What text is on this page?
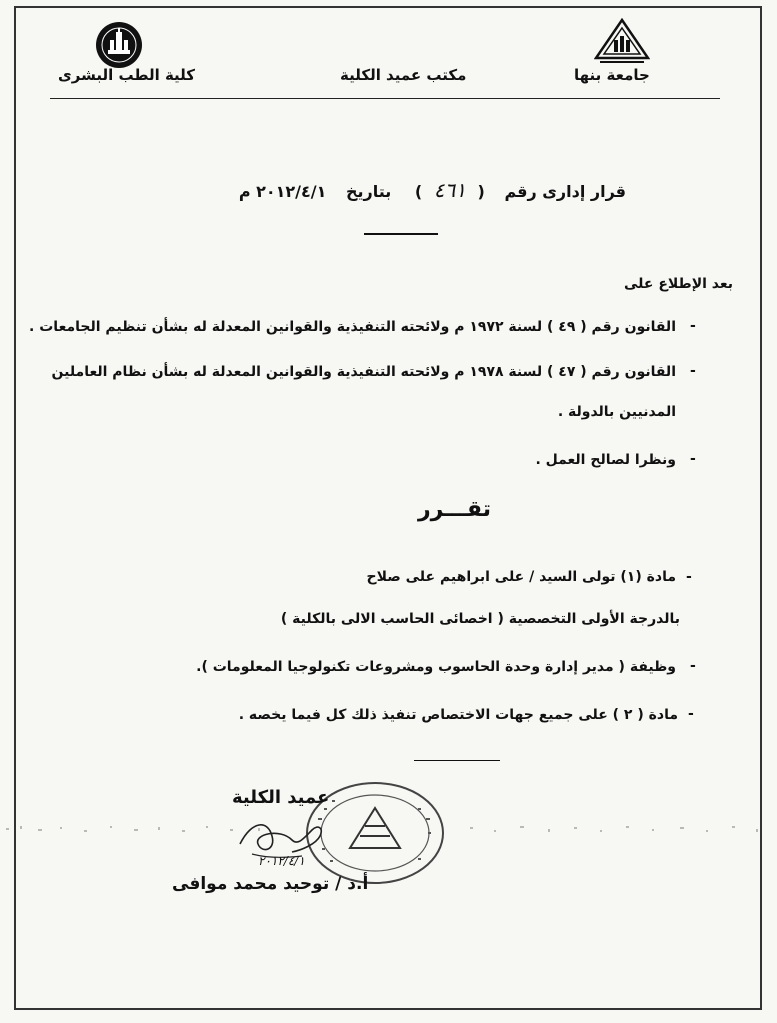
كلية الطب البشرى	مكتب عميد الكلية	جامعة بنها
قرار إدارى رقم ( ٤٦١ ) بتاريخ ٢٠١٢/٤/١ م
بعد الإطلاع على
-
القانون رقم ( ٤٩ ) لسنة ١٩٧٢ م ولائحته التنفيذية والقوانين المعدلة له بشأن تنظيم الجامعات .
-
القانون رقم ( ٤٧ ) لسنة ١٩٧٨ م ولائحته التنفيذية والقوانين المعدلة له بشأن نظام العاملين
المدنيين بالدولة .
-
ونظرا لصالح العمل .
تقـــرر
-
مادة (١) تولى السيد / على ابراهيم على صلاح
بالدرجة الأولى التخصصية ( اخصائى الحاسب الالى بالكلية )
-
وظيفة ( مدير إدارة وحدة الحاسوب ومشروعات تكنولوجيا المعلومات ).
-
مادة ( ٢ ) على جميع جهات الاختصاص تنفيذ ذلك كل فيما يخصه .
عميد الكلية
٢٠١٢/٤/١
أ.د / توحيد محمد موافى
